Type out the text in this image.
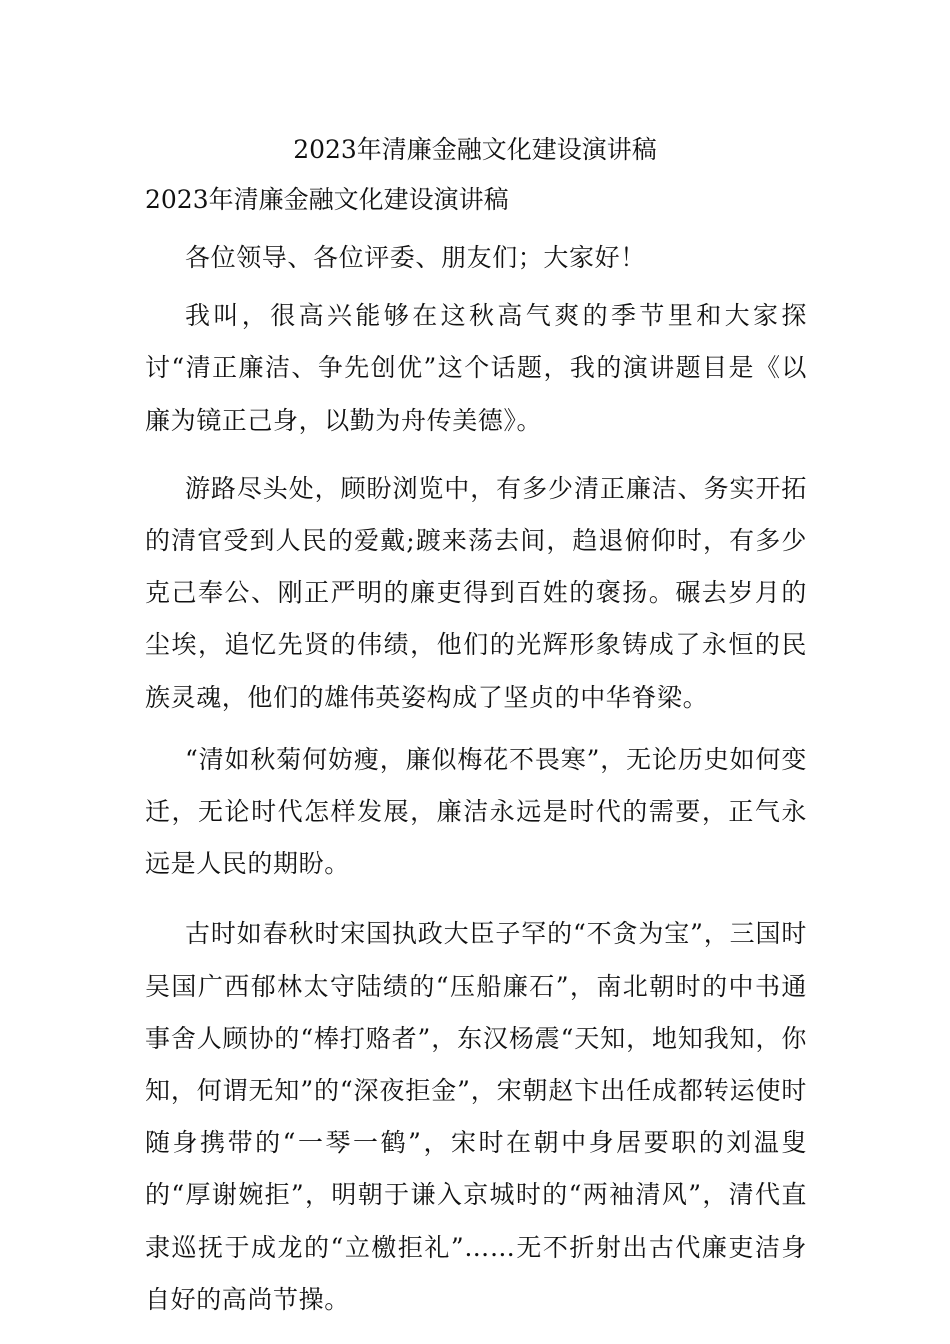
2023年清廉金融文化建设演讲稿

2023年清廉金融文化建设演讲稿

各位领导、各位评委、朋友们；大家好！

我叫，很高兴能够在这秋高气爽的季节里和大家探讨“清正廉洁、争先创优”这个话题，我的演讲题目是《以廉为镜正己身，以勤为舟传美德》。

游路尽头处，顾盼浏览中，有多少清正廉洁、务实开拓的清官受到人民的爱戴;踱来荡去间，趋退俯仰时，有多少克己奉公、刚正严明的廉吏得到百姓的褒扬。碾去岁月的尘埃，追忆先贤的伟绩，他们的光辉形象铸成了永恒的民族灵魂，他们的雄伟英姿构成了坚贞的中华脊梁。

“清如秋菊何妨瘦，廉似梅花不畏寒”，无论历史如何变迁，无论时代怎样发展，廉洁永远是时代的需要，正气永远是人民的期盼。

古时如春秋时宋国执政大臣子罕的“不贪为宝”，三国时吴国广西郁林太守陆绩的“压船廉石”，南北朝时的中书通事舍人顾协的“棒打赂者”，东汉杨震“天知，地知我知，你知，何谓无知”的“深夜拒金”，宋朝赵卞出任成都转运使时随身携带的“一琴一鹤”，宋时在朝中身居要职的刘温叟的“厚谢婉拒”，明朝于谦入京城时的“两袖清风”，清代直隶巡抚于成龙的“立檄拒礼”……无不折射出古代廉吏洁身自好的高尚节操。
